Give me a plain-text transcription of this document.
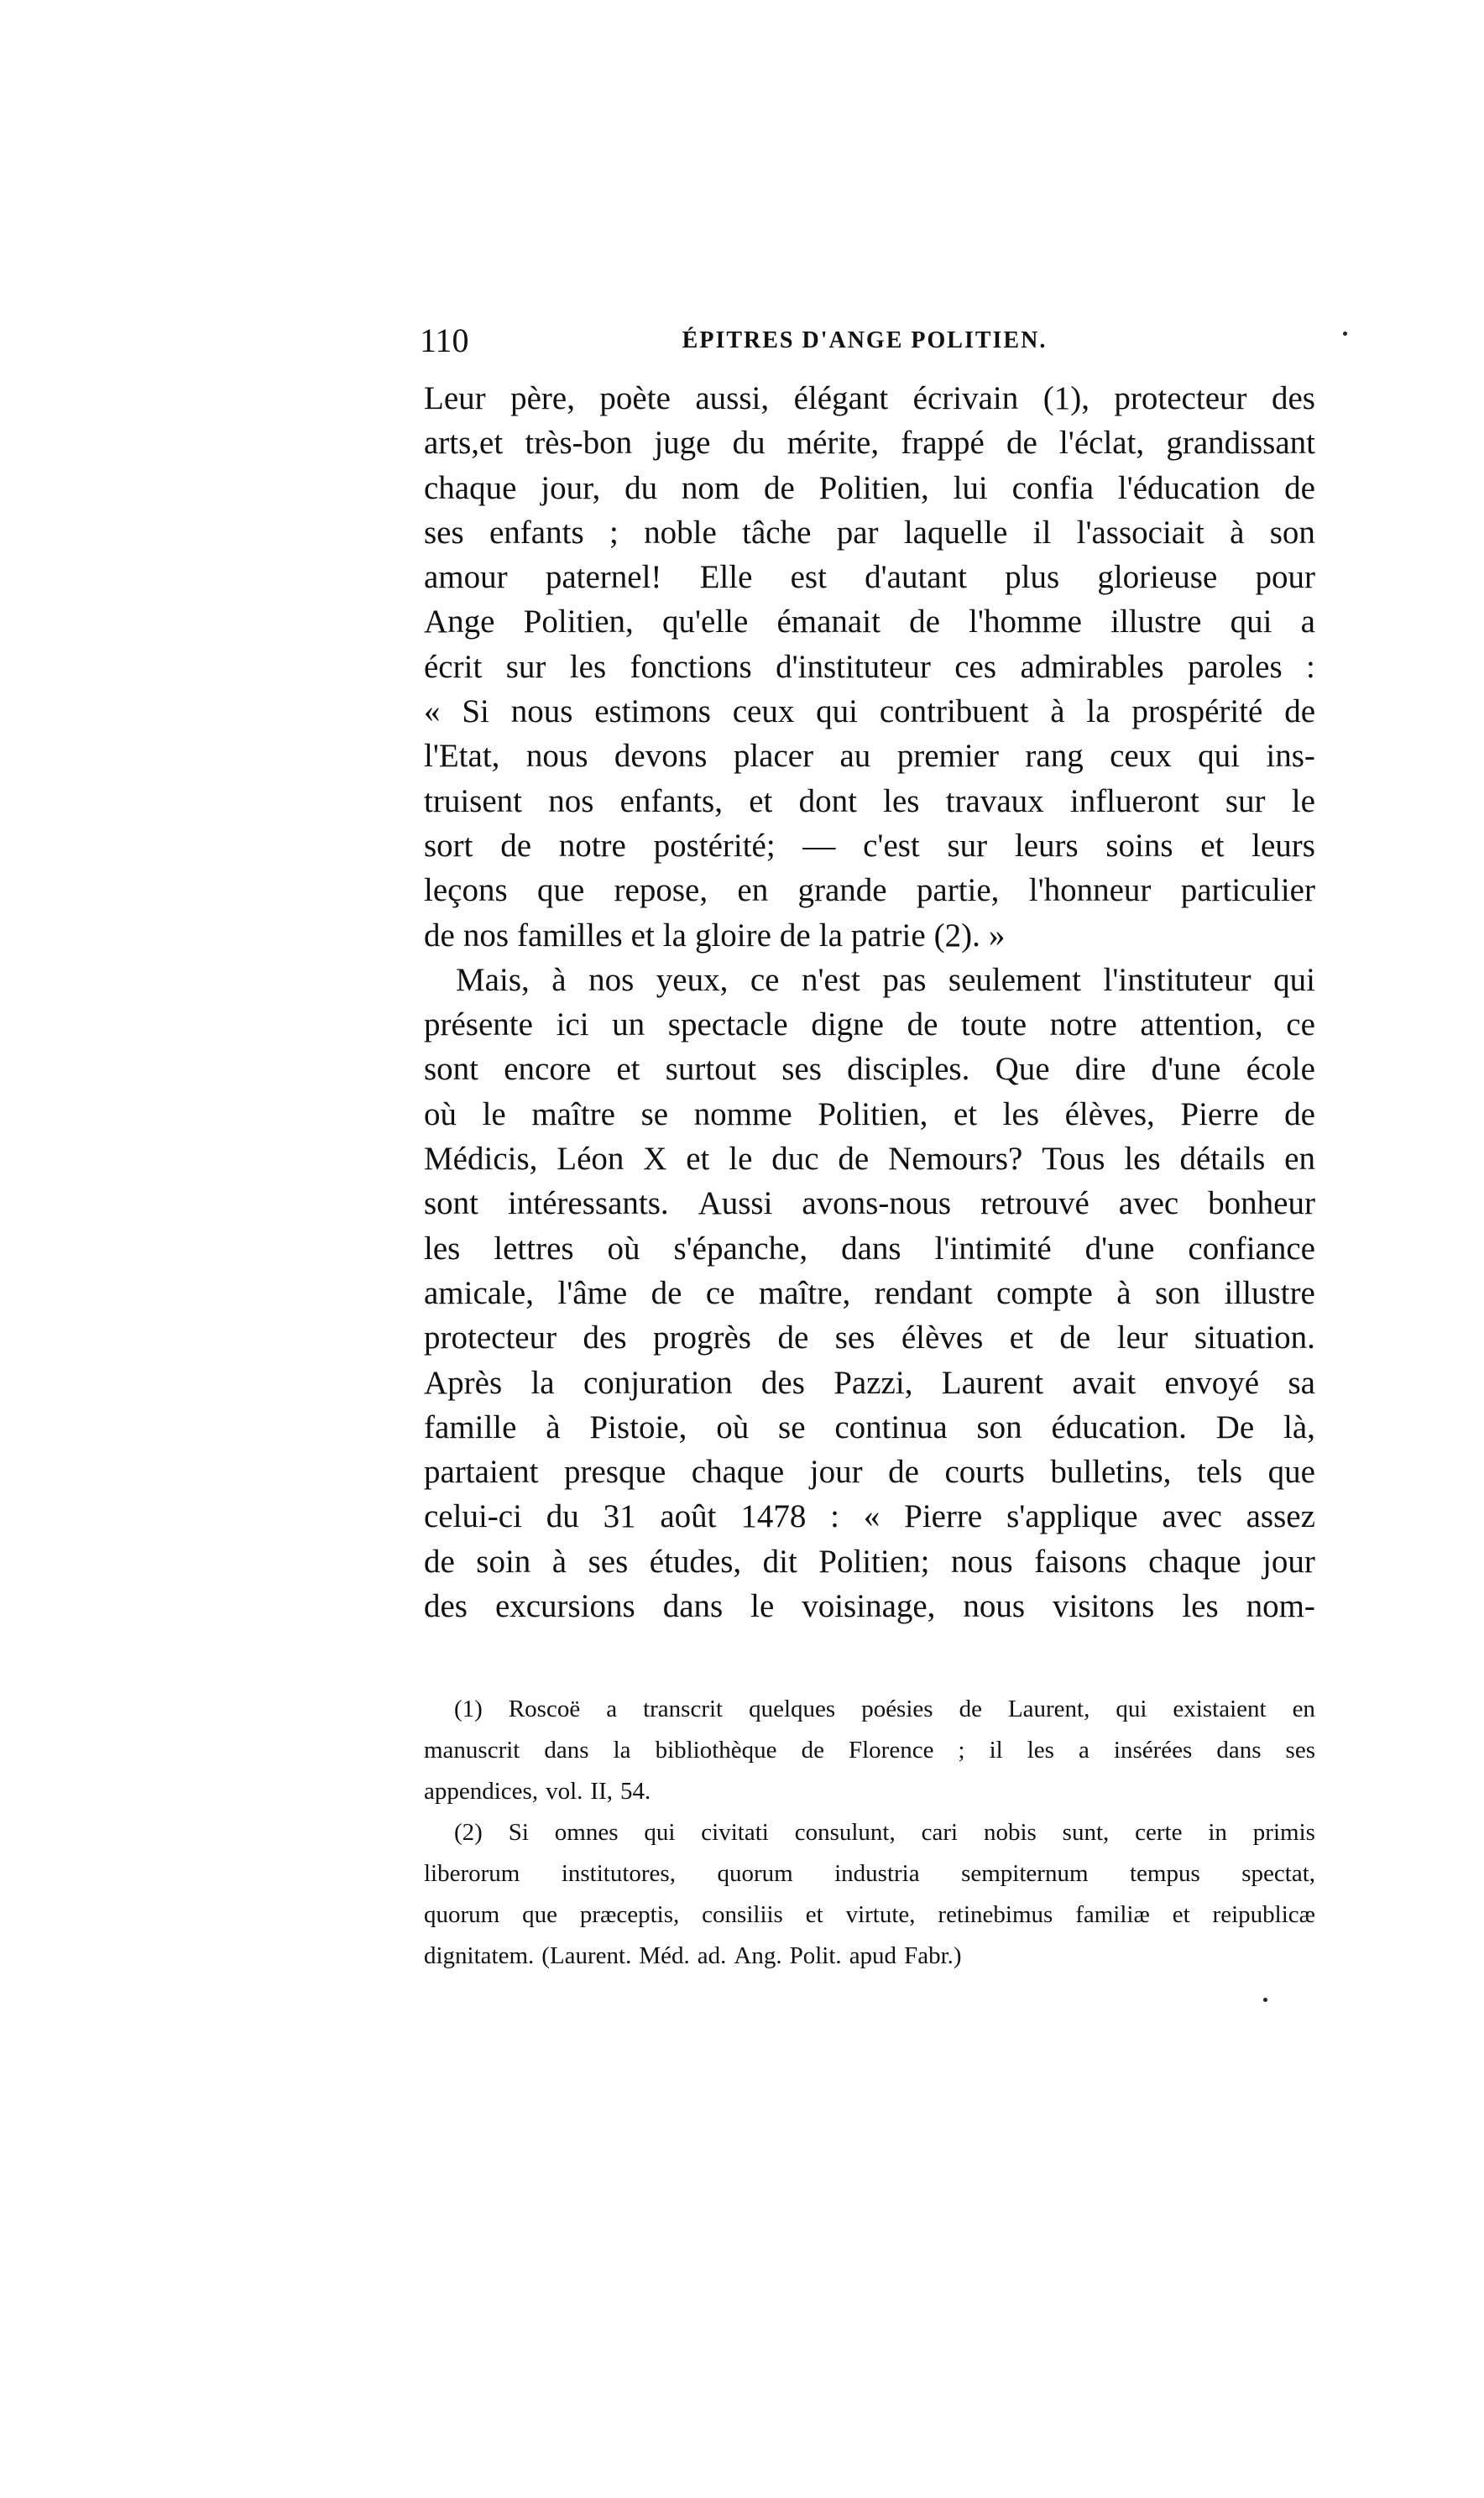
110	ÉPITRES D'ANGE POLITIEN.
Leur père, poète aussi, élégant écrivain (1), protecteur des
arts,et très-bon juge du mérite, frappé de l'éclat, grandissant
chaque jour, du nom de Politien, lui confia l'éducation de
ses enfants ; noble tâche par laquelle il l'associait à son
amour paternel! Elle est d'autant plus glorieuse pour
Ange Politien, qu'elle émanait de l'homme illustre qui a
écrit sur les fonctions d'instituteur ces admirables paroles :
« Si nous estimons ceux qui contribuent à la prospérité de
l'Etat, nous devons placer au premier rang ceux qui ins-
truisent nos enfants, et dont les travaux influeront sur le
sort de notre postérité; — c'est sur leurs soins et leurs
leçons que repose, en grande partie, l'honneur particulier
de nos familles et la gloire de la patrie (2). »
Mais, à nos yeux, ce n'est pas seulement l'instituteur qui
présente ici un spectacle digne de toute notre attention, ce
sont encore et surtout ses disciples. Que dire d'une école
où le maître se nomme Politien, et les élèves, Pierre de
Médicis, Léon X et le duc de Nemours? Tous les détails en
sont intéressants. Aussi avons-nous retrouvé avec bonheur
les lettres où s'épanche, dans l'intimité d'une confiance
amicale, l'âme de ce maître, rendant compte à son illustre
protecteur des progrès de ses élèves et de leur situation.
Après la conjuration des Pazzi, Laurent avait envoyé sa
famille à Pistoie, où se continua son éducation. De là,
partaient presque chaque jour de courts bulletins, tels que
celui-ci du 31 août 1478 : « Pierre s'applique avec assez
de soin à ses études, dit Politien; nous faisons chaque jour
des excursions dans le voisinage, nous visitons les nom-
(1) Roscoë a transcrit quelques poésies de Laurent, qui existaient en
manuscrit dans la bibliothèque de Florence ; il les a insérées dans ses
appendices, vol. II, 54.
(2) Si omnes qui civitati consulunt, cari nobis sunt, certe in primis
liberorum institutores, quorum industria sempiternum tempus spectat,
quorum que præceptis, consiliis et virtute, retinebimus familiæ et reipublicæ
dignitatem. (Laurent. Méd. ad. Ang. Polit. apud Fabr.)
